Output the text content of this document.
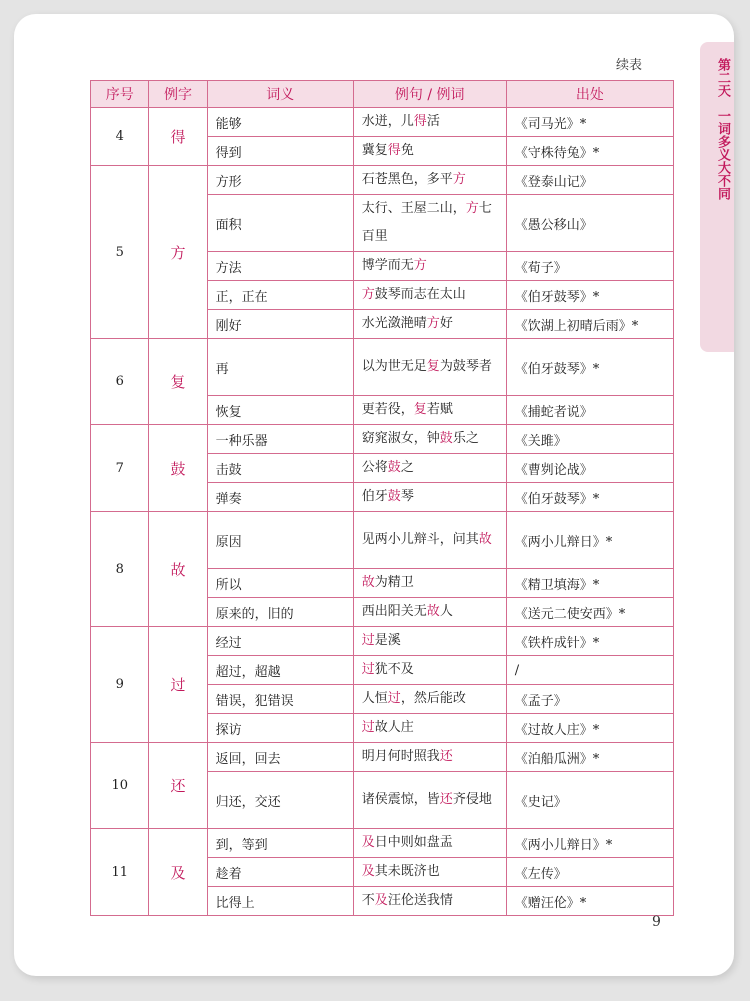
第二天一词多义大不同
续表
序号	例字	词义	例句 / 例词	出处
4	得	能够	水迸，儿得活	《司马光》*
		得到	冀复得免	《守株待兔》*
5	方	方形	石苍黑色，多平方	《登泰山记》
		面积	太行、王屋二山，方七百里	《愚公移山》
		方法	博学而无方	《荀子》
		正，正在	方鼓琴而志在太山	《伯牙鼓琴》*
		刚好	水光潋滟晴方好	《饮湖上初晴后雨》*
6	复	再	以为世无足复为鼓琴者	《伯牙鼓琴》*
		恢复	更若役，复若赋	《捕蛇者说》
7	鼓	一种乐器	窈窕淑女，钟鼓乐之	《关雎》
		击鼓	公将鼓之	《曹刿论战》
		弹奏	伯牙鼓琴	《伯牙鼓琴》*
8	故	原因	见两小儿辩斗，问其故	《两小儿辩日》*
		所以	故为精卫	《精卫填海》*
		原来的，旧的	西出阳关无故人	《送元二使安西》*
9	过	经过	过是溪	《铁杵成针》*
		超过，超越	过犹不及	/
		错误，犯错误	人恒过，然后能改	《孟子》
		探访	过故人庄	《过故人庄》*
10	还	返回，回去	明月何时照我还	《泊船瓜洲》*
		归还，交还	诸侯震惊，皆还齐侵地	《史记》
11	及	到，等到	及日中则如盘盂	《两小儿辩日》*
		趁着	及其未既济也	《左传》
		比得上	不及汪伦送我情	《赠汪伦》*
9
